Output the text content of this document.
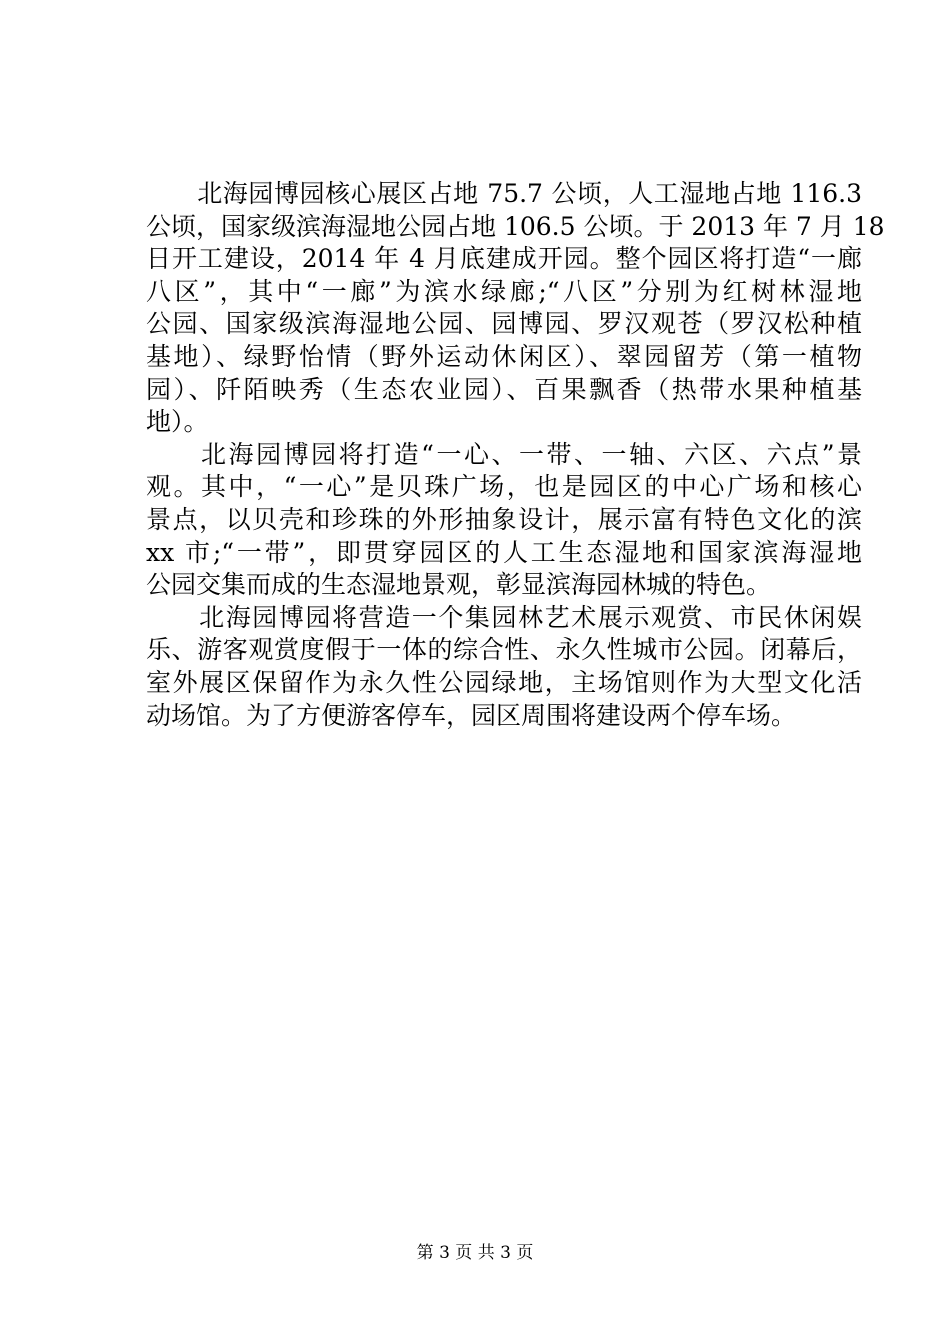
　　北海园博园核心展区占地 75.7 公顷，人工湿地占地 116.3
公顷，国家级滨海湿地公园占地 106.5 公顷。于 2013 年 7 月 18
日开工建设，2014 年 4 月底建成开园。整个园区将打造“一廊
八区”，其中“一廊”为滨水绿廊;“八区”分别为红树林湿地
公园、国家级滨海湿地公园、园博园、罗汉观苍（罗汉松种植
基地）、绿野怡情（野外运动休闲区）、翠园留芳（第一植物
园）、阡陌映秀（生态农业园）、百果飘香（热带水果种植基
地）。
　　北海园博园将打造“一心、一带、一轴、六区、六点”景
观。其中，“一心”是贝珠广场，也是园区的中心广场和核心
景点，以贝壳和珍珠的外形抽象设计，展示富有特色文化的滨
xx 市;“一带”，即贯穿园区的人工生态湿地和国家滨海湿地
公园交集而成的生态湿地景观，彰显滨海园林城的特色。
　　北海园博园将营造一个集园林艺术展示观赏、市民休闲娱
乐、游客观赏度假于一体的综合性、永久性城市公园。闭幕后，
室外展区保留作为永久性公园绿地，主场馆则作为大型文化活
动场馆。为了方便游客停车，园区周围将建设两个停车场。
第 3 页 共 3 页
